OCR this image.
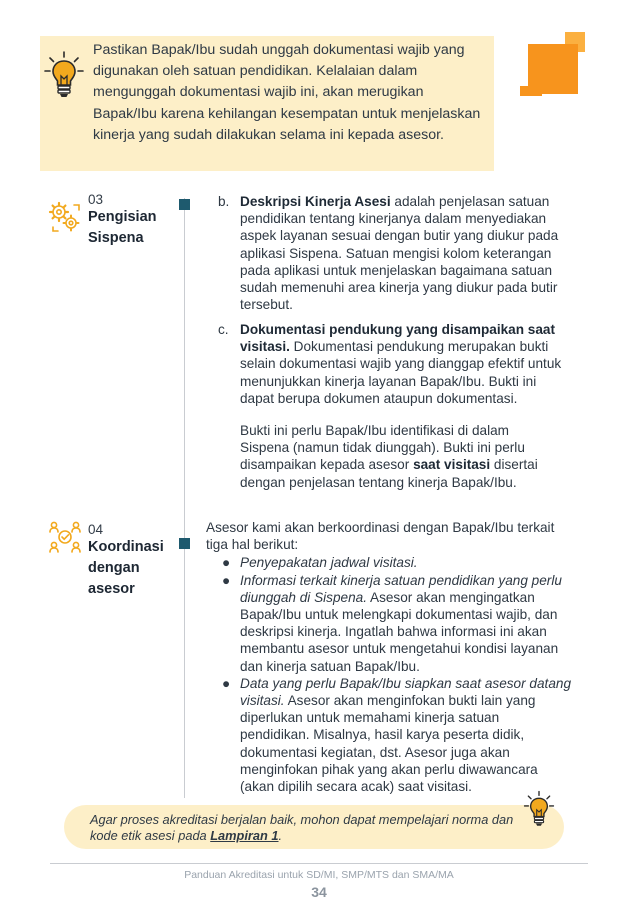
Pastikan Bapak/Ibu sudah unggah dokumentasi wajib yang digunakan oleh satuan pendidikan. Kelalaian dalam mengunggah dokumentasi wajib ini, akan merugikan Bapak/Ibu karena kehilangan kesempatan untuk menjelaskan kinerja yang sudah dilakukan selama ini kepada asesor.
03
Pengisian Sispena
b. Deskripsi Kinerja Asesi adalah penjelasan satuan pendidikan tentang kinerjanya dalam menyediakan aspek layanan sesuai dengan butir yang diukur pada aplikasi Sispena. Satuan mengisi kolom keterangan pada aplikasi untuk menjelaskan bagaimana satuan sudah memenuhi area kinerja yang diukur pada butir tersebut.
c. Dokumentasi pendukung yang disampaikan saat visitasi. Dokumentasi pendukung merupakan bukti selain dokumentasi wajib yang dianggap efektif untuk menunjukkan kinerja layanan Bapak/Ibu. Bukti ini dapat berupa dokumen ataupun dokumentasi.
Bukti ini perlu Bapak/Ibu identifikasi di dalam Sispena (namun tidak diunggah). Bukti ini perlu disampaikan kepada asesor saat visitasi disertai dengan penjelasan tentang kinerja Bapak/Ibu.
04
Koordinasi dengan asesor
Asesor kami akan berkoordinasi dengan Bapak/Ibu terkait tiga hal berikut:
● Penyepakatan jadwal visitasi.
● Informasi terkait kinerja satuan pendidikan yang perlu diunggah di Sispena. Asesor akan mengingatkan Bapak/Ibu untuk melengkapi dokumentasi wajib, dan deskripsi kinerja. Ingatlah bahwa informasi ini akan membantu asesor untuk mengetahui kondisi layanan dan kinerja satuan Bapak/Ibu.
● Data yang perlu Bapak/Ibu siapkan saat asesor datang visitasi. Asesor akan menginfokan bukti lain yang diperlukan untuk memahami kinerja satuan pendidikan. Misalnya, hasil karya peserta didik, dokumentasi kegiatan, dst. Asesor juga akan menginfokan pihak yang akan perlu diwawancara (akan dipilih secara acak) saat visitasi.
Agar proses akreditasi berjalan baik, mohon dapat mempelajari norma dan kode etik asesi pada Lampiran 1.
Panduan Akreditasi untuk SD/MI, SMP/MTS dan SMA/MA
34
